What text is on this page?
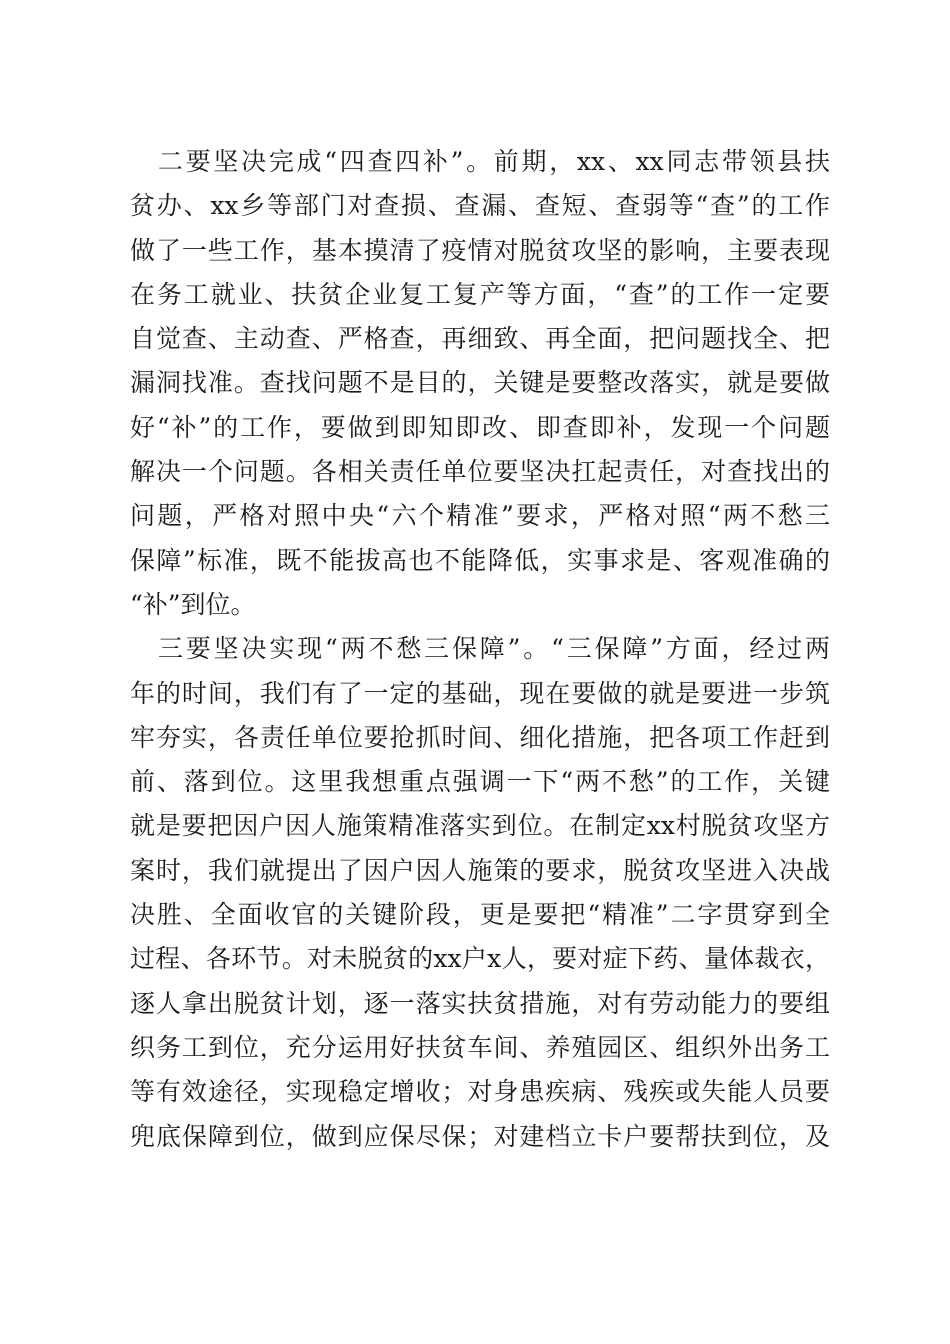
二要坚决完成“四查四补”。前期，xx、xx同志带领县扶
贫办、xx乡等部门对查损、查漏、查短、查弱等“查”的工作
做了一些工作，基本摸清了疫情对脱贫攻坚的影响，主要表现
在务工就业、扶贫企业复工复产等方面，“查”的工作一定要
自觉查、主动查、严格查，再细致、再全面，把问题找全、把
漏洞找准。查找问题不是目的，关键是要整改落实，就是要做
好“补”的工作，要做到即知即改、即查即补，发现一个问题
解决一个问题。各相关责任单位要坚决扛起责任，对查找出的
问题，严格对照中央“六个精准”要求，严格对照“两不愁三
保障”标准，既不能拔高也不能降低，实事求是、客观准确的
“补”到位。
三要坚决实现“两不愁三保障”。“三保障”方面，经过两
年的时间，我们有了一定的基础，现在要做的就是要进一步筑
牢夯实，各责任单位要抢抓时间、细化措施，把各项工作赶到
前、落到位。这里我想重点强调一下“两不愁”的工作，关键
就是要把因户因人施策精准落实到位。在制定xx村脱贫攻坚方
案时，我们就提出了因户因人施策的要求，脱贫攻坚进入决战
决胜、全面收官的关键阶段，更是要把“精准”二字贯穿到全
过程、各环节。对未脱贫的xx户x人，要对症下药、量体裁衣，
逐人拿出脱贫计划，逐一落实扶贫措施，对有劳动能力的要组
织务工到位，充分运用好扶贫车间、养殖园区、组织外出务工
等有效途径，实现稳定增收；对身患疾病、残疾或失能人员要
兜底保障到位，做到应保尽保；对建档立卡户要帮扶到位，及
